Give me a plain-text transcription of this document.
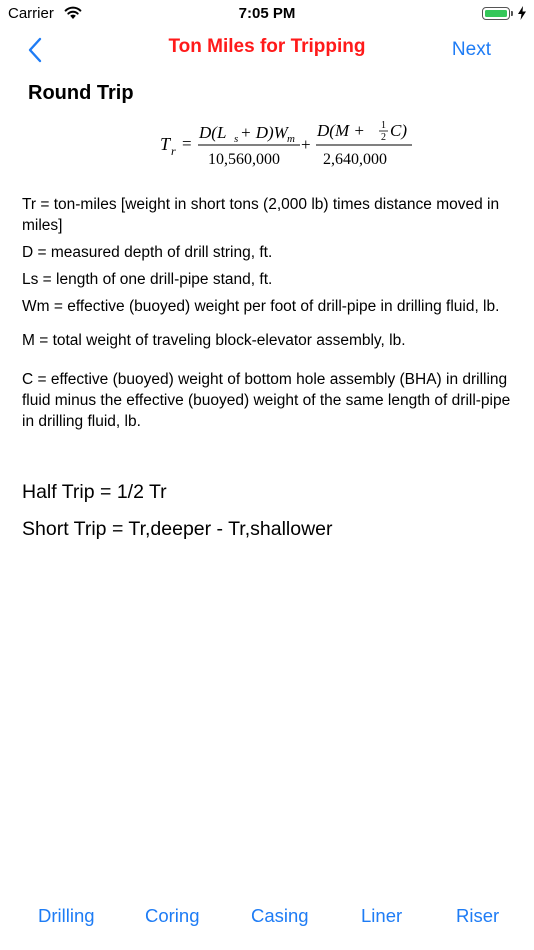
Carrier	7:05 PM
Ton Miles for Tripping	Next
Round Trip
T r =
D(L s + D)W m
10,560,000
+
D(M + 1
2 C)
2,640,000

Tr = ton-miles [weight in short tons (2,000 lb) times distance moved in miles]

D = measured depth of drill string, ft.

Ls = length of one drill-pipe stand, ft.

Wm = effective (buoyed) weight per foot of drill-pipe in drilling fluid, lb.

M = total weight of traveling block-elevator assembly, lb.

C = effective (buoyed) weight of bottom hole assembly (BHA) in drilling fluid minus the effective (buoyed) weight of the same length of drill-pipe in drilling fluid, lb.

Half Trip = 1/2 Tr
Short Trip = Tr,deeper - Tr,shallower
Drilling	Coring	Casing	Liner	Riser
